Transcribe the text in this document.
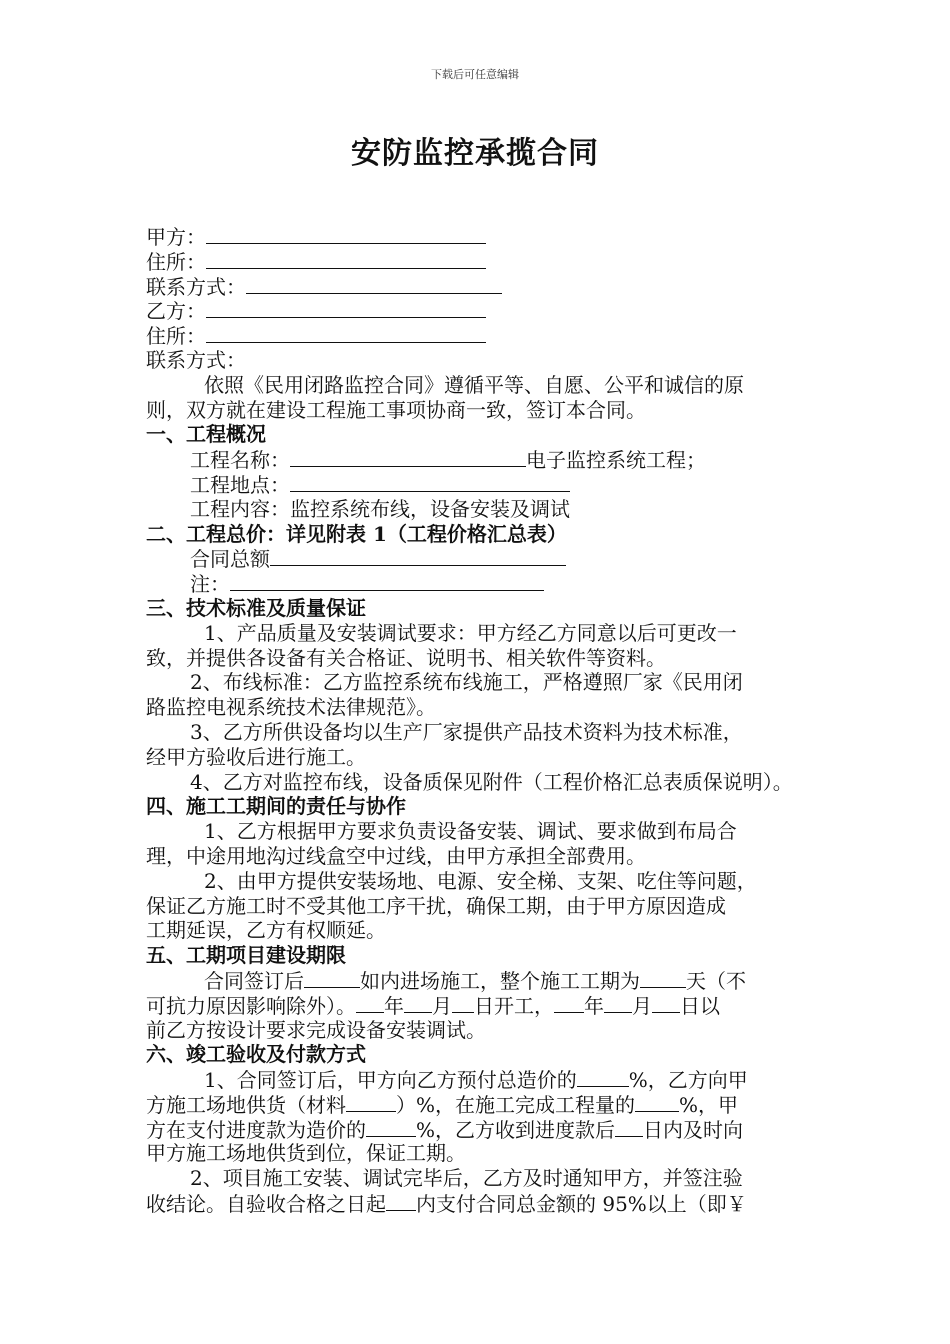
下载后可任意编辑
安防监控承揽合同
甲方：
住所：
联系方式：
乙方：
住所：
联系方式：
依照《民用闭路监控合同》遵循平等、自愿、公平和诚信的原
则，双方就在建设工程施工事项协商一致，签订本合同。
一、工程概况
工程名称：	电子监控系统工程；
工程地点：
工程内容：监控系统布线，设备安装及调试
二、工程总价：详见附表 1（工程价格汇总表）
合同总额
注：
三、技术标准及质量保证
1、产品质量及安装调试要求：甲方经乙方同意以后可更改一
致，并提供各设备有关合格证、说明书、相关软件等资料。
2、布线标准：乙方监控系统布线施工，严格遵照厂家《民用闭
路监控电视系统技术法律规范》。
3、乙方所供设备均以生产厂家提供产品技术资料为技术标准，
经甲方验收后进行施工。
4、乙方对监控布线，设备质保见附件（工程价格汇总表质保说明）。
四、施工工期间的责任与协作
1、乙方根据甲方要求负责设备安装、调试、要求做到布局合
理，中途用地沟过线盒空中过线，由甲方承担全部费用。
2、由甲方提供安装场地、电源、安全梯、支架、吃住等问题，
保证乙方施工时不受其他工序干扰，确保工期，由于甲方原因造成
工期延误，乙方有权顺延。
五、工期项目建设期限
合同签订后	如内进场施工，整个施工工期为 天（不
可抗力原因影响除外）。 年 月 日开工， 年 月 日以
前乙方按设计要求完成设备安装调试。
六、竣工验收及付款方式
1、合同签订后，甲方向乙方预付总造价的	%，乙方向甲
方施工场地供货（材料	）%，在施工完成工程量的 %，甲
方在支付进度款为造价的	%，乙方收到进度款后 日内及时向
甲方施工场地供货到位，保证工期。
2、项目施工安装、调试完毕后，乙方及时通知甲方，并签注验
收结论。自验收合格之日起 内支付合同总金额的 95%以上（即￥
